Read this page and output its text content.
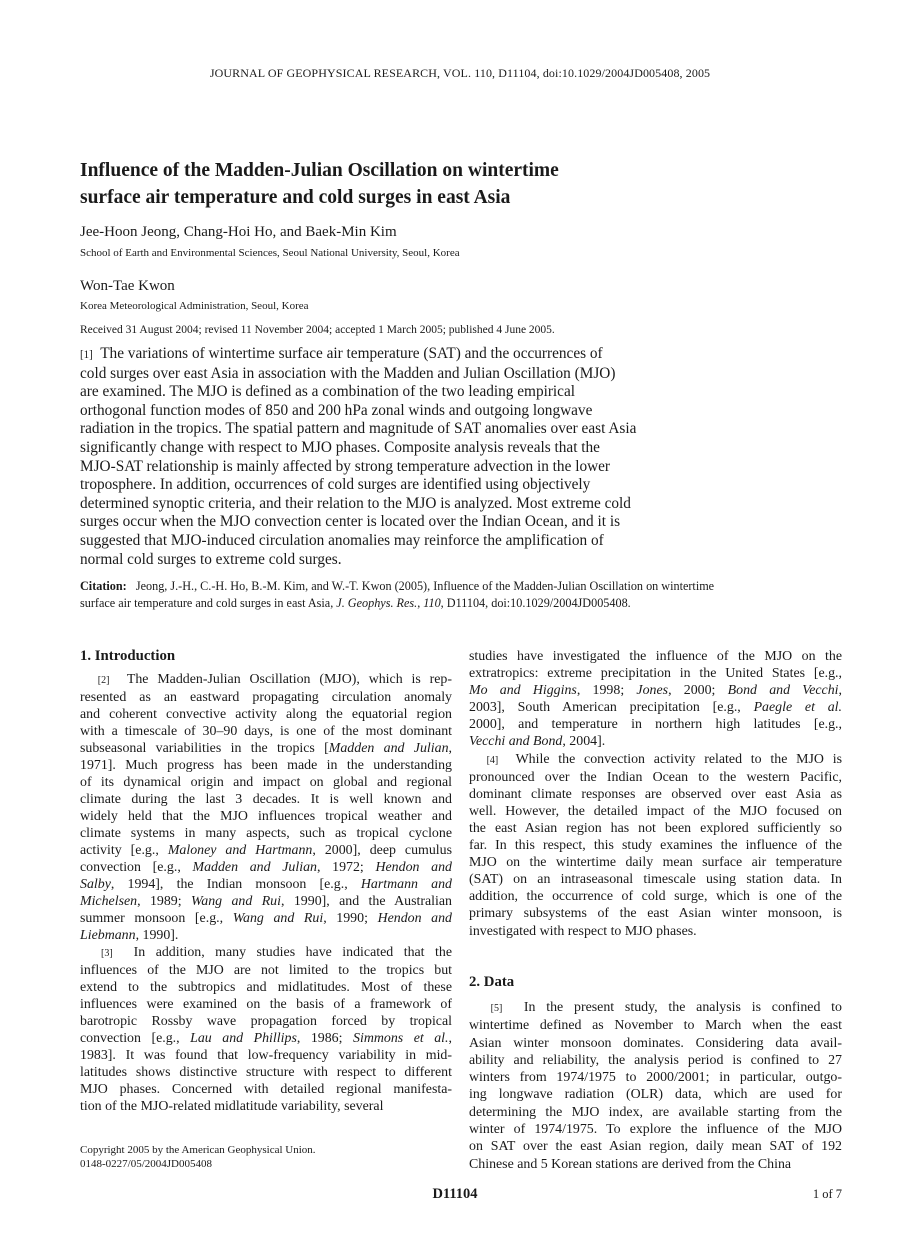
JOURNAL OF GEOPHYSICAL RESEARCH, VOL. 110, D11104, doi:10.1029/2004JD005408, 2005
Influence of the Madden-Julian Oscillation on wintertime
surface air temperature and cold surges in east Asia
Jee-Hoon Jeong, Chang-Hoi Ho, and Baek-Min Kim
School of Earth and Environmental Sciences, Seoul National University, Seoul, Korea
Won-Tae Kwon
Korea Meteorological Administration, Seoul, Korea
Received 31 August 2004; revised 11 November 2004; accepted 1 March 2005; published 4 June 2005.
[1]  The variations of wintertime surface air temperature (SAT) and the occurrences of
cold surges over east Asia in association with the Madden and Julian Oscillation (MJO)
are examined. The MJO is defined as a combination of the two leading empirical
orthogonal function modes of 850 and 200 hPa zonal winds and outgoing longwave
radiation in the tropics. The spatial pattern and magnitude of SAT anomalies over east Asia
significantly change with respect to MJO phases. Composite analysis reveals that the
MJO-SAT relationship is mainly affected by strong temperature advection in the lower
troposphere. In addition, occurrences of cold surges are identified using objectively
determined synoptic criteria, and their relation to the MJO is analyzed. Most extreme cold
surges occur when the MJO convection center is located over the Indian Ocean, and it is
suggested that MJO-induced circulation anomalies may reinforce the amplification of
normal cold surges to extreme cold surges.
Citation:   Jeong, J.-H., C.-H. Ho, B.-M. Kim, and W.-T. Kwon (2005), Influence of the Madden-Julian Oscillation on wintertime
surface air temperature and cold surges in east Asia, J. Geophys. Res., 110, D11104, doi:10.1029/2004JD005408.
1. Introduction
[2]  The Madden-Julian Oscillation (MJO), which is rep-
resented as an eastward propagating circulation anomaly
and coherent convective activity along the equatorial region
with a timescale of 30–90 days, is one of the most dominant
subseasonal variabilities in the tropics [Madden and Julian,
1971]. Much progress has been made in the understanding
of its dynamical origin and impact on global and regional
climate during the last 3 decades. It is well known and
widely held that the MJO influences tropical weather and
climate systems in many aspects, such as tropical cyclone
activity [e.g., Maloney and Hartmann, 2000], deep cumulus
convection [e.g., Madden and Julian, 1972; Hendon and
Salby, 1994], the Indian monsoon [e.g., Hartmann and
Michelsen, 1989; Wang and Rui, 1990], and the Australian
summer monsoon [e.g., Wang and Rui, 1990; Hendon and
Liebmann, 1990].
[3]  In addition, many studies have indicated that the
influences of the MJO are not limited to the tropics but
extend to the subtropics and midlatitudes. Most of these
influences were examined on the basis of a framework of
barotropic Rossby wave propagation forced by tropical
convection [e.g., Lau and Phillips, 1986; Simmons et al.,
1983]. It was found that low-frequency variability in mid-
latitudes shows distinctive structure with respect to different
MJO phases. Concerned with detailed regional manifesta-
tion of the MJO-related midlatitude variability, several
studies have investigated the influence of the MJO on the
extratropics: extreme precipitation in the United States [e.g.,
Mo and Higgins, 1998; Jones, 2000; Bond and Vecchi,
2003], South American precipitation [e.g., Paegle et al.
2000], and temperature in northern high latitudes [e.g.,
Vecchi and Bond, 2004].
[4]  While the convection activity related to the MJO is
pronounced over the Indian Ocean to the western Pacific,
dominant climate responses are observed over east Asia as
well. However, the detailed impact of the MJO focused on
the east Asian region has not been explored sufficiently so
far. In this respect, this study examines the influence of the
MJO on the wintertime daily mean surface air temperature
(SAT) on an intraseasonal timescale using station data. In
addition, the occurrence of cold surge, which is one of the
primary subsystems of the east Asian winter monsoon, is
investigated with respect to MJO phases.
2. Data
[5]  In the present study, the analysis is confined to
wintertime defined as November to March when the east
Asian winter monsoon dominates. Considering data avail-
ability and reliability, the analysis period is confined to 27
winters from 1974/1975 to 2000/2001; in particular, outgo-
ing longwave radiation (OLR) data, which are used for
determining the MJO index, are available starting from the
winter of 1974/1975. To explore the influence of the MJO
on SAT over the east Asian region, daily mean SAT of 192
Chinese and 5 Korean stations are derived from the China
Copyright 2005 by the American Geophysical Union.
0148-0227/05/2004JD005408
D11104	1 of 7
